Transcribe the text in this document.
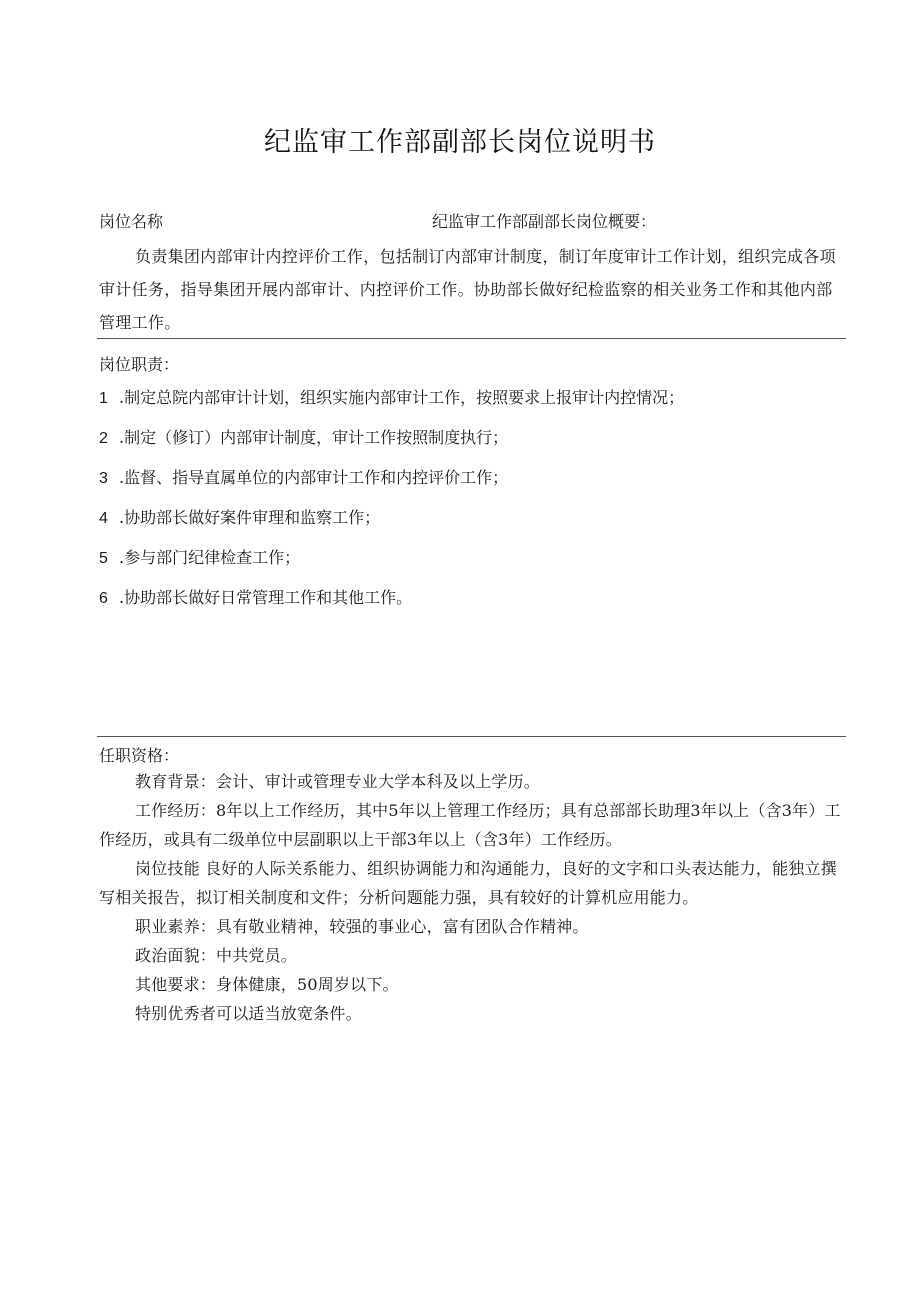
纪监审工作部副部长岗位说明书
岗位名称	纪监审工作部副部长岗位概要：
负责集团内部审计内控评价工作，包括制订内部审计制度，制订年度审计工作计划，组织完成各项审计任务，指导集团开展内部审计、内控评价工作。协助部长做好纪检监察的相关业务工作和其他内部管理工作。
岗位职责：
1 .制定总院内部审计计划，组织实施内部审计工作，按照要求上报审计内控情况；
2 .制定（修订）内部审计制度，审计工作按照制度执行；
3 .监督、指导直属单位的内部审计工作和内控评价工作；
4 .协助部长做好案件审理和监察工作；
5 .参与部门纪律检查工作；
6 .协助部长做好日常管理工作和其他工作。
任职资格：

教育背景：会计、审计或管理专业大学本科及以上学历。

工作经历：8年以上工作经历，其中5年以上管理工作经历；具有总部部长助理3年以上（含3年）工作经历，或具有二级单位中层副职以上干部3年以上（含3年）工作经历。

岗位技能 良好的人际关系能力、组织协调能力和沟通能力，良好的文字和口头表达能力，能独立撰写相关报告，拟订相关制度和文件；分析问题能力强，具有较好的计算机应用能力。

职业素养：具有敬业精神，较强的事业心，富有团队合作精神。

政治面貌：中共党员。

其他要求：身体健康，50周岁以下。

特别优秀者可以适当放宽条件。
